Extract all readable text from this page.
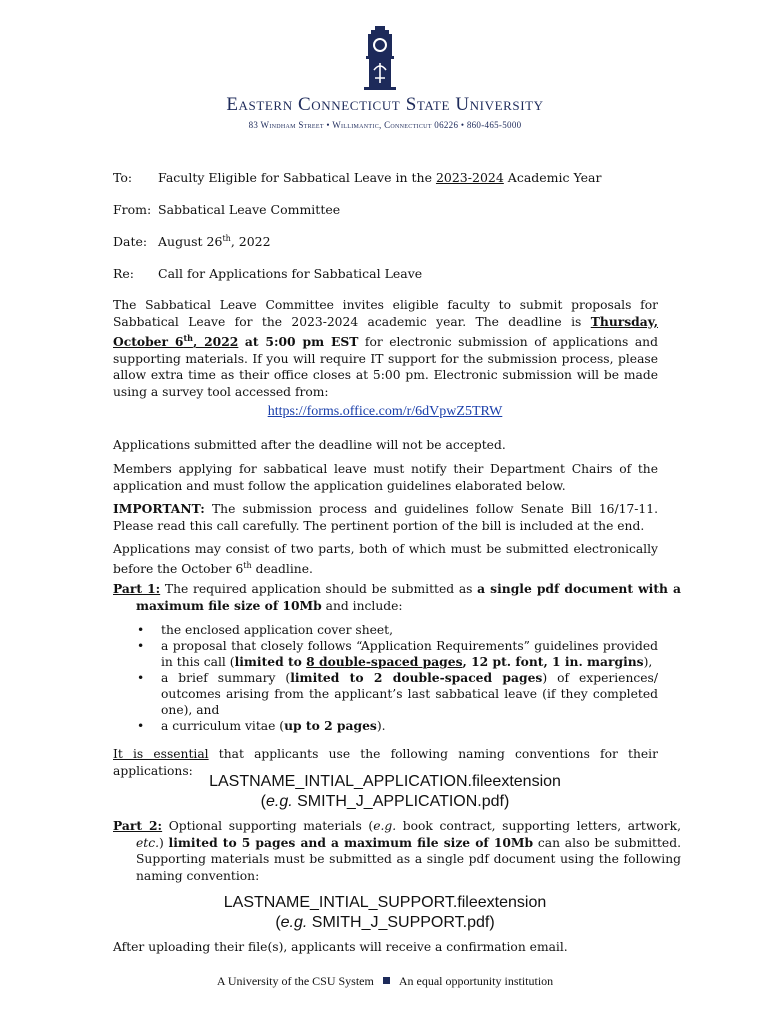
Eastern Connecticut State University
83 Windham Street • Willimantic, Connecticut 06226 • 860-465-5000
To: Faculty Eligible for Sabbatical Leave in the 2023-2024 Academic Year
From: Sabbatical Leave Committee
Date: August 26th, 2022
Re: Call for Applications for Sabbatical Leave
The Sabbatical Leave Committee invites eligible faculty to submit proposals for Sabbatical Leave for the 2023-2024 academic year. The deadline is Thursday, October 6th, 2022 at 5:00 pm EST for electronic submission of applications and supporting materials. If you will require IT support for the submission process, please allow extra time as their office closes at 5:00 pm. Electronic submission will be made using a survey tool accessed from:
https://forms.office.com/r/6dVpwZ5TRW
Applications submitted after the deadline will not be accepted.
Members applying for sabbatical leave must notify their Department Chairs of the application and must follow the application guidelines elaborated below.
IMPORTANT: The submission process and guidelines follow Senate Bill 16/17-11. Please read this call carefully. The pertinent portion of the bill is included at the end.
Applications may consist of two parts, both of which must be submitted electronically before the October 6th deadline.
Part 1: The required application should be submitted as a single pdf document with a maximum file size of 10Mb and include:
• the enclosed application cover sheet,
• a proposal that closely follows “Application Requirements” guidelines provided in this call (limited to 8 double-spaced pages, 12 pt. font, 1 in. margins),
• a brief summary (limited to 2 double-spaced pages) of experiences/ outcomes arising from the applicant’s last sabbatical leave (if they completed one), and
• a curriculum vitae (up to 2 pages).
It is essential that applicants use the following naming conventions for their applications:
LASTNAME_INTIAL_APPLICATION.fileextension
(e.g. SMITH_J_APPLICATION.pdf)
Part 2: Optional supporting materials (e.g. book contract, supporting letters, artwork, etc.) limited to 5 pages and a maximum file size of 10Mb can also be submitted. Supporting materials must be submitted as a single pdf document using the following naming convention:
LASTNAME_INTIAL_SUPPORT.fileextension
(e.g. SMITH_J_SUPPORT.pdf)
After uploading their file(s), applicants will receive a confirmation email.
A University of the CSU System An equal opportunity institution
